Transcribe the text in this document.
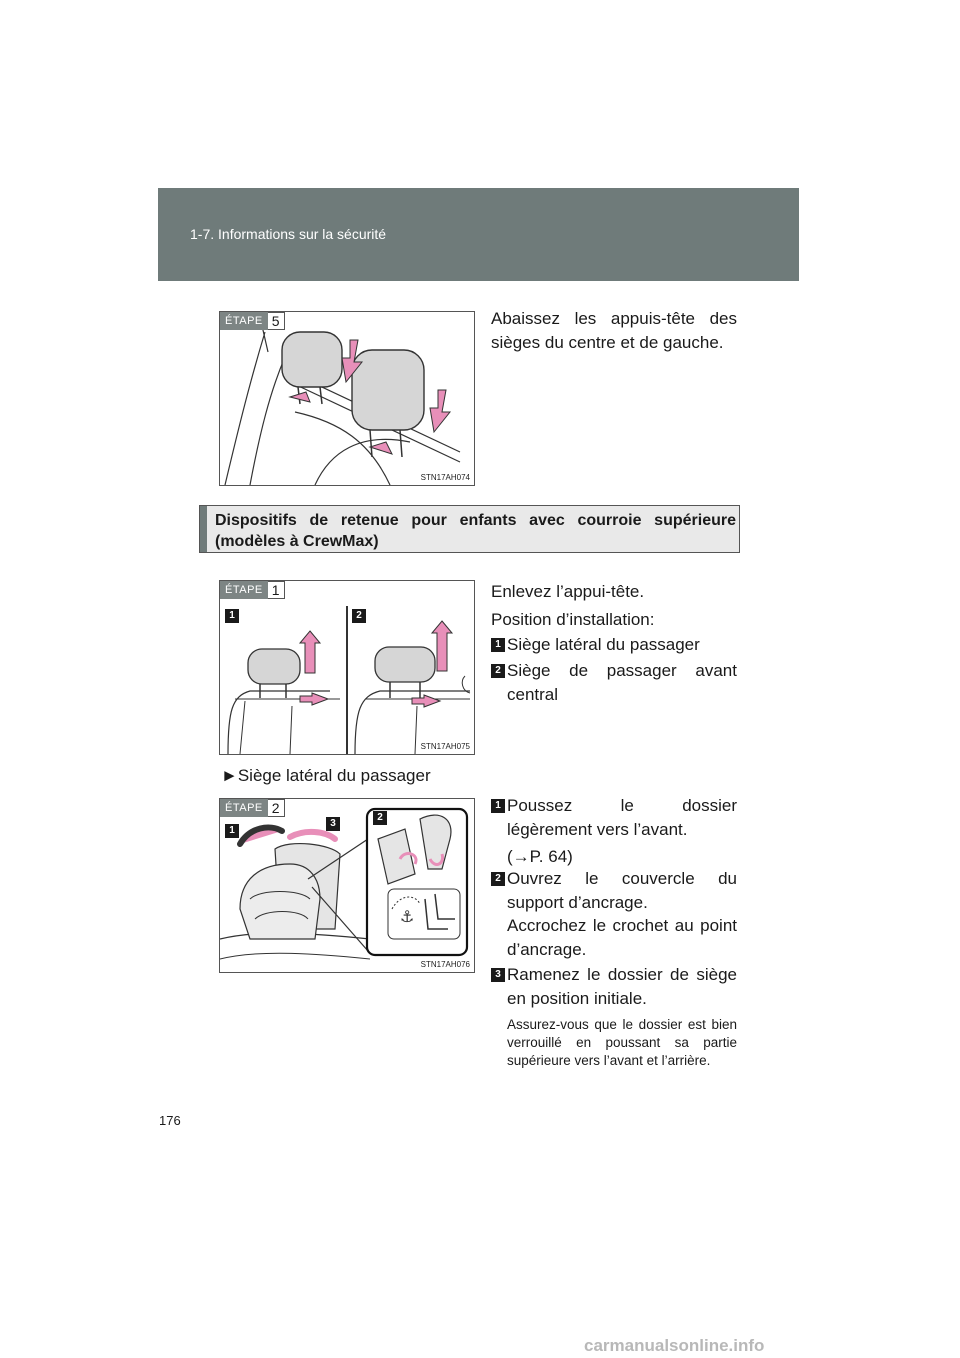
1-7. Informations sur la sécurité
ÉTAPE 5
STN17AH074
Abaissez les appuis-tête des sièges du centre et de gauche.
Dispositifs de retenue pour enfants avec courroie supérieure (modèles à CrewMax)
ÉTAPE 1
1	2
STN17AH075
Enlevez l’appui-tête.
Position d’installation:
1 Siège latéral du passager
2 Siège de passager avant central
►Siège latéral du passager
ÉTAPE 2
1
3
2
⚓
STN17AH076
1 Poussez le dossier légèrement vers l’avant.
(→P. 64)
2 Ouvrez le couvercle du support d’ancrage.
Accrochez le crochet au point d’ancrage.
3 Ramenez le dossier de siège en position initiale.
Assurez-vous que le dossier est bien verrouillé en poussant sa partie supérieure vers l’avant et l’arrière.
176
carmanualsonline.info
